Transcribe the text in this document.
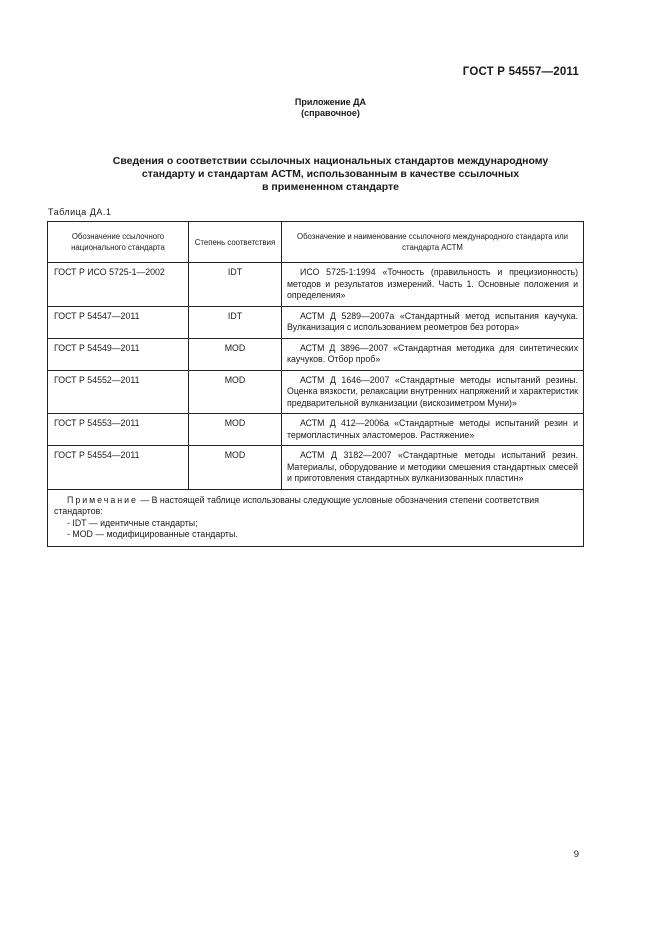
ГОСТ Р 54557—2011
Приложение ДА
(справочное)
Сведения о соответствии ссылочных национальных стандартов международному
стандарту и стандартам АСТМ, использованным в качестве ссылочных
в примененном стандарте
Таблица ДА.1
Обозначение ссылочного национального стандарта	Степень соответствия	Обозначение и наименование ссылочного международного стандарта или стандарта АСТМ
ГОСТ Р ИСО 5725-1—2002	IDT	ИСО 5725-1:1994 «Точность (правильность и прецизионность) методов и результатов измерений. Часть 1. Основные положения и определения»
ГОСТ Р 54547—2011	IDT	АСТМ Д 5289—2007а «Стандартный метод испытания каучука. Вулканизация с использованием реометров без ротора»
ГОСТ Р 54549—2011	MOD	АСТМ Д 3896—2007 «Стандартная методика для синтетических каучуков. Отбор проб»
ГОСТ Р 54552—2011	MOD	АСТМ Д 1646—2007 «Стандартные методы испытаний резины. Оценка вязкости, релаксации внутренних напряжений и характеристик предварительной вулканизации (вискозиметром Муни)»
ГОСТ Р 54553—2011	MOD	АСТМ Д 412—2006а «Стандартные методы испытаний резин и термопластичных эластомеров. Растяжение»
ГОСТ Р 54554—2011	MOD	АСТМ Д 3182—2007 «Стандартные методы испытаний резин. Материалы, оборудование и методики смешения стандартных смесей и приготовления стандартных вулканизованных пластин»

Примечание — В настоящей таблице использованы следующие условные обозначения степени соответствия стандартов:
- IDT — идентичные стандарты;
- MOD — модифицированные стандарты.		
9
